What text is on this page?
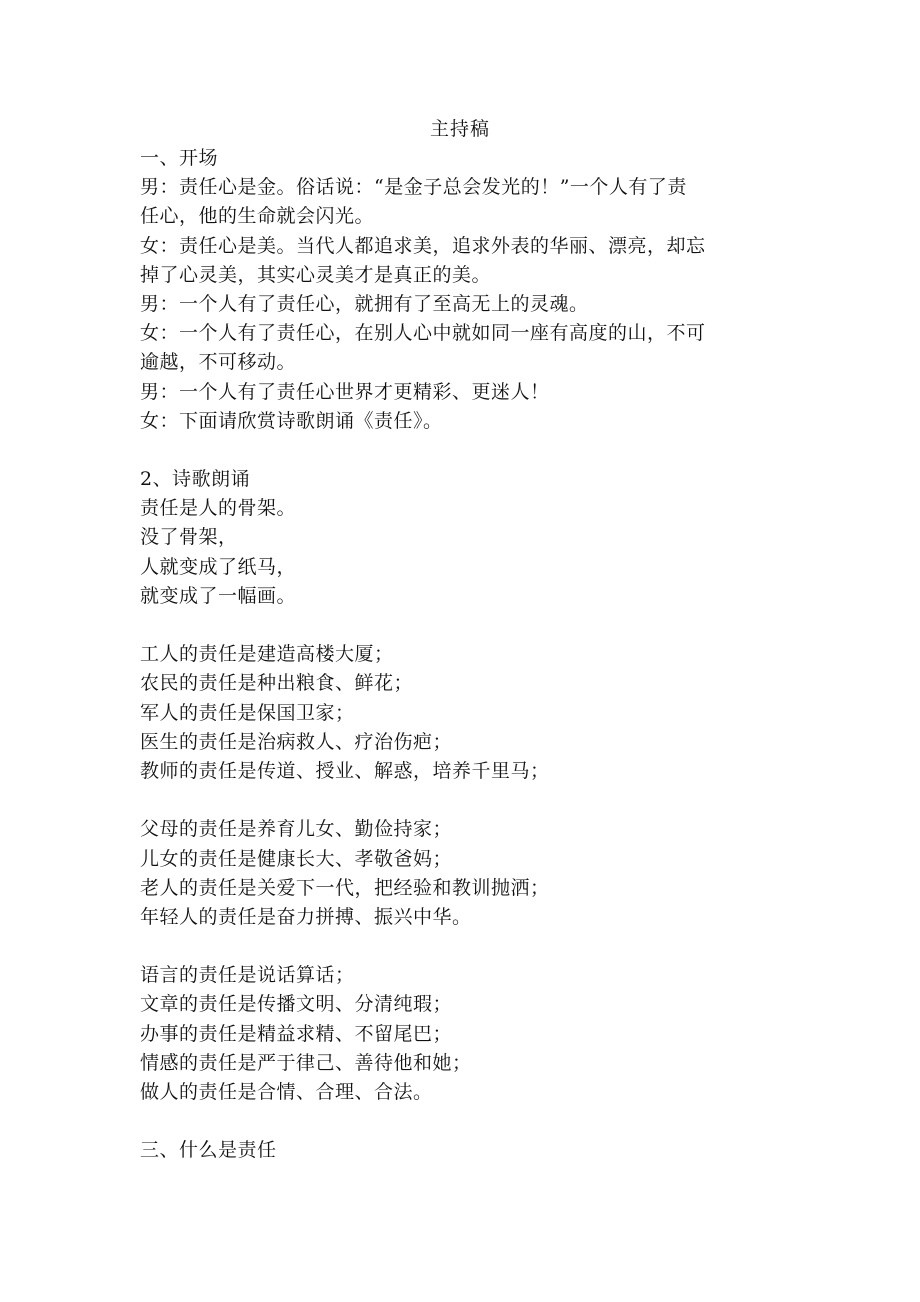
主持稿
一、开场
男：责任心是金。俗话说：“是金子总会发光的！”一个人有了责
任心，他的生命就会闪光。
女：责任心是美。当代人都追求美，追求外表的华丽、漂亮，却忘
掉了心灵美，其实心灵美才是真正的美。
男：一个人有了责任心，就拥有了至高无上的灵魂。
女：一个人有了责任心，在别人心中就如同一座有高度的山，不可
逾越，不可移动。
男：一个人有了责任心世界才更精彩、更迷人！
女：下面请欣赏诗歌朗诵《责任》。
2、诗歌朗诵
责任是人的骨架。
没了骨架，
人就变成了纸马，
就变成了一幅画。
工人的责任是建造高楼大厦；
农民的责任是种出粮食、鲜花；
军人的责任是保国卫家；
医生的责任是治病救人、疗治伤疤；
教师的责任是传道、授业、解惑，培养千里马；
父母的责任是养育儿女、勤俭持家；
儿女的责任是健康长大、孝敬爸妈；
老人的责任是关爱下一代，把经验和教训抛洒；
年轻人的责任是奋力拼搏、振兴中华。
语言的责任是说话算话；
文章的责任是传播文明、分清纯瑕；
办事的责任是精益求精、不留尾巴；
情感的责任是严于律己、善待他和她；
做人的责任是合情、合理、合法。
三、什么是责任
